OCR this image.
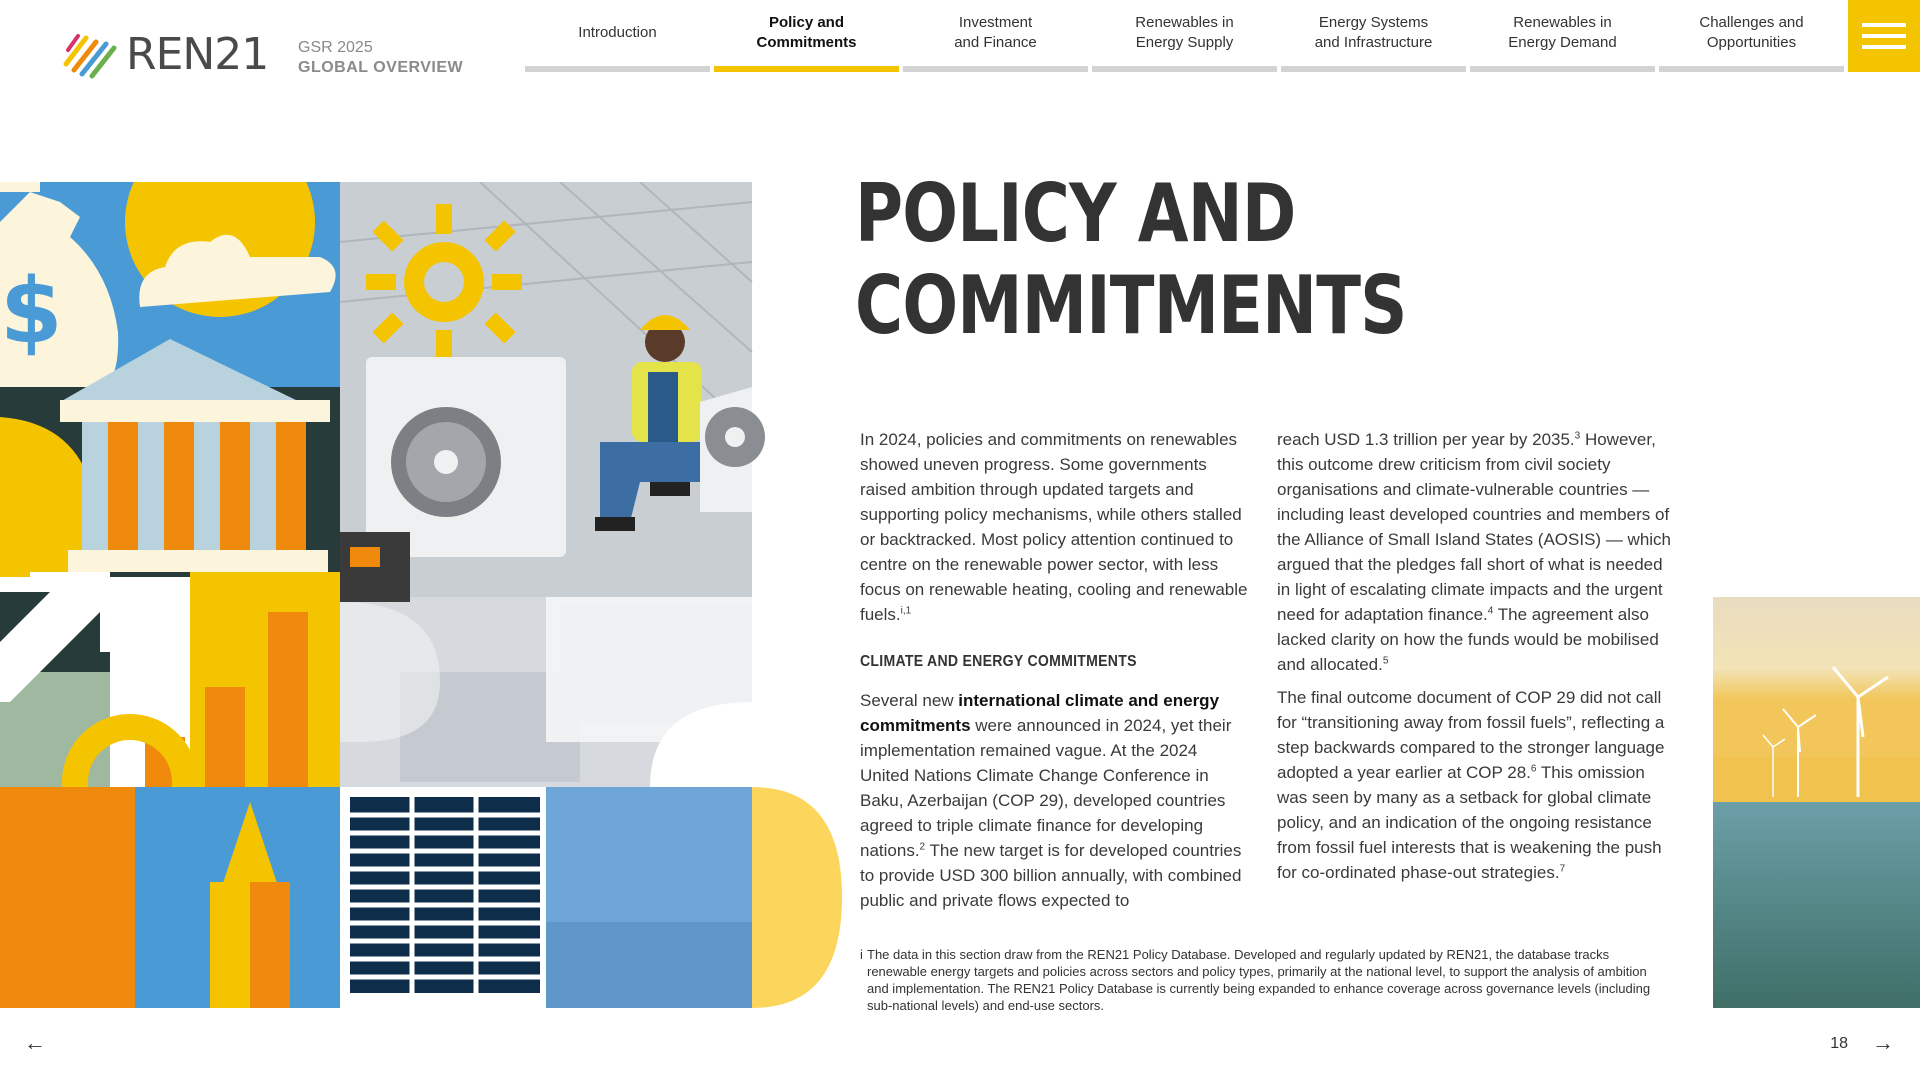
REN21 GSR 2025
GLOBAL OVERVIEW
Introduction
Policy and
Commitments
Investment
and Finance
Renewables in
Energy Supply
Energy Systems
and Infrastructure
Renewables in
Energy Demand
Challenges and
Opportunities
$
POLICY AND
COMMITMENTS

In 2024, policies and commitments on renewables showed uneven progress. Some governments raised ambition through updated targets and supporting policy mechanisms, while others stalled or backtracked. Most policy attention continued to centre on the renewable power sector, with less focus on renewable heating, cooling and renewable fuels.$^{i,1}$

CLIMATE AND ENERGY COMMITMENTS

Several new international climate and energy commitments were announced in 2024, yet their implementation remained vague. At the 2024 United Nations Climate Change Conference in Baku, Azerbaijan (COP 29), developed countries agreed to triple climate finance for developing nations.$^2$ The new target is for developed countries to provide USD 300 billion annually, with combined public and private flows expected to

reach USD 1.3 trillion per year by 2035.$^3$ However, this outcome drew criticism from civil society organisations and climate-vulnerable countries — including least developed countries and members of the Alliance of Small Island States (AOSIS) — which argued that the pledges fall short of what is needed in light of escalating climate impacts and the urgent need for adaptation finance.$^4$ The agreement also lacked clarity on how the funds would be mobilised and allocated.$^5$

The final outcome document of COP 29 did not call for “transitioning away from fossil fuels”, reflecting a step backwards compared to the stronger language adopted a year earlier at COP 28.$^6$ This omission was seen by many as a setback for global climate policy, and an indication of the ongoing resistance from fossil fuel interests that is weakening the push for co-ordinated phase-out strategies.$^7$

i The data in this section draw from the REN21 Policy Database. Developed and regularly updated by REN21, the database tracks renewable energy targets and policies across sectors and policy types, primarily at the national level, to support the analysis of ambition and implementation. The REN21 Policy Database is currently being expanded to enhance coverage across governance levels (including sub-national levels) and end-use sectors.
←	18 →
